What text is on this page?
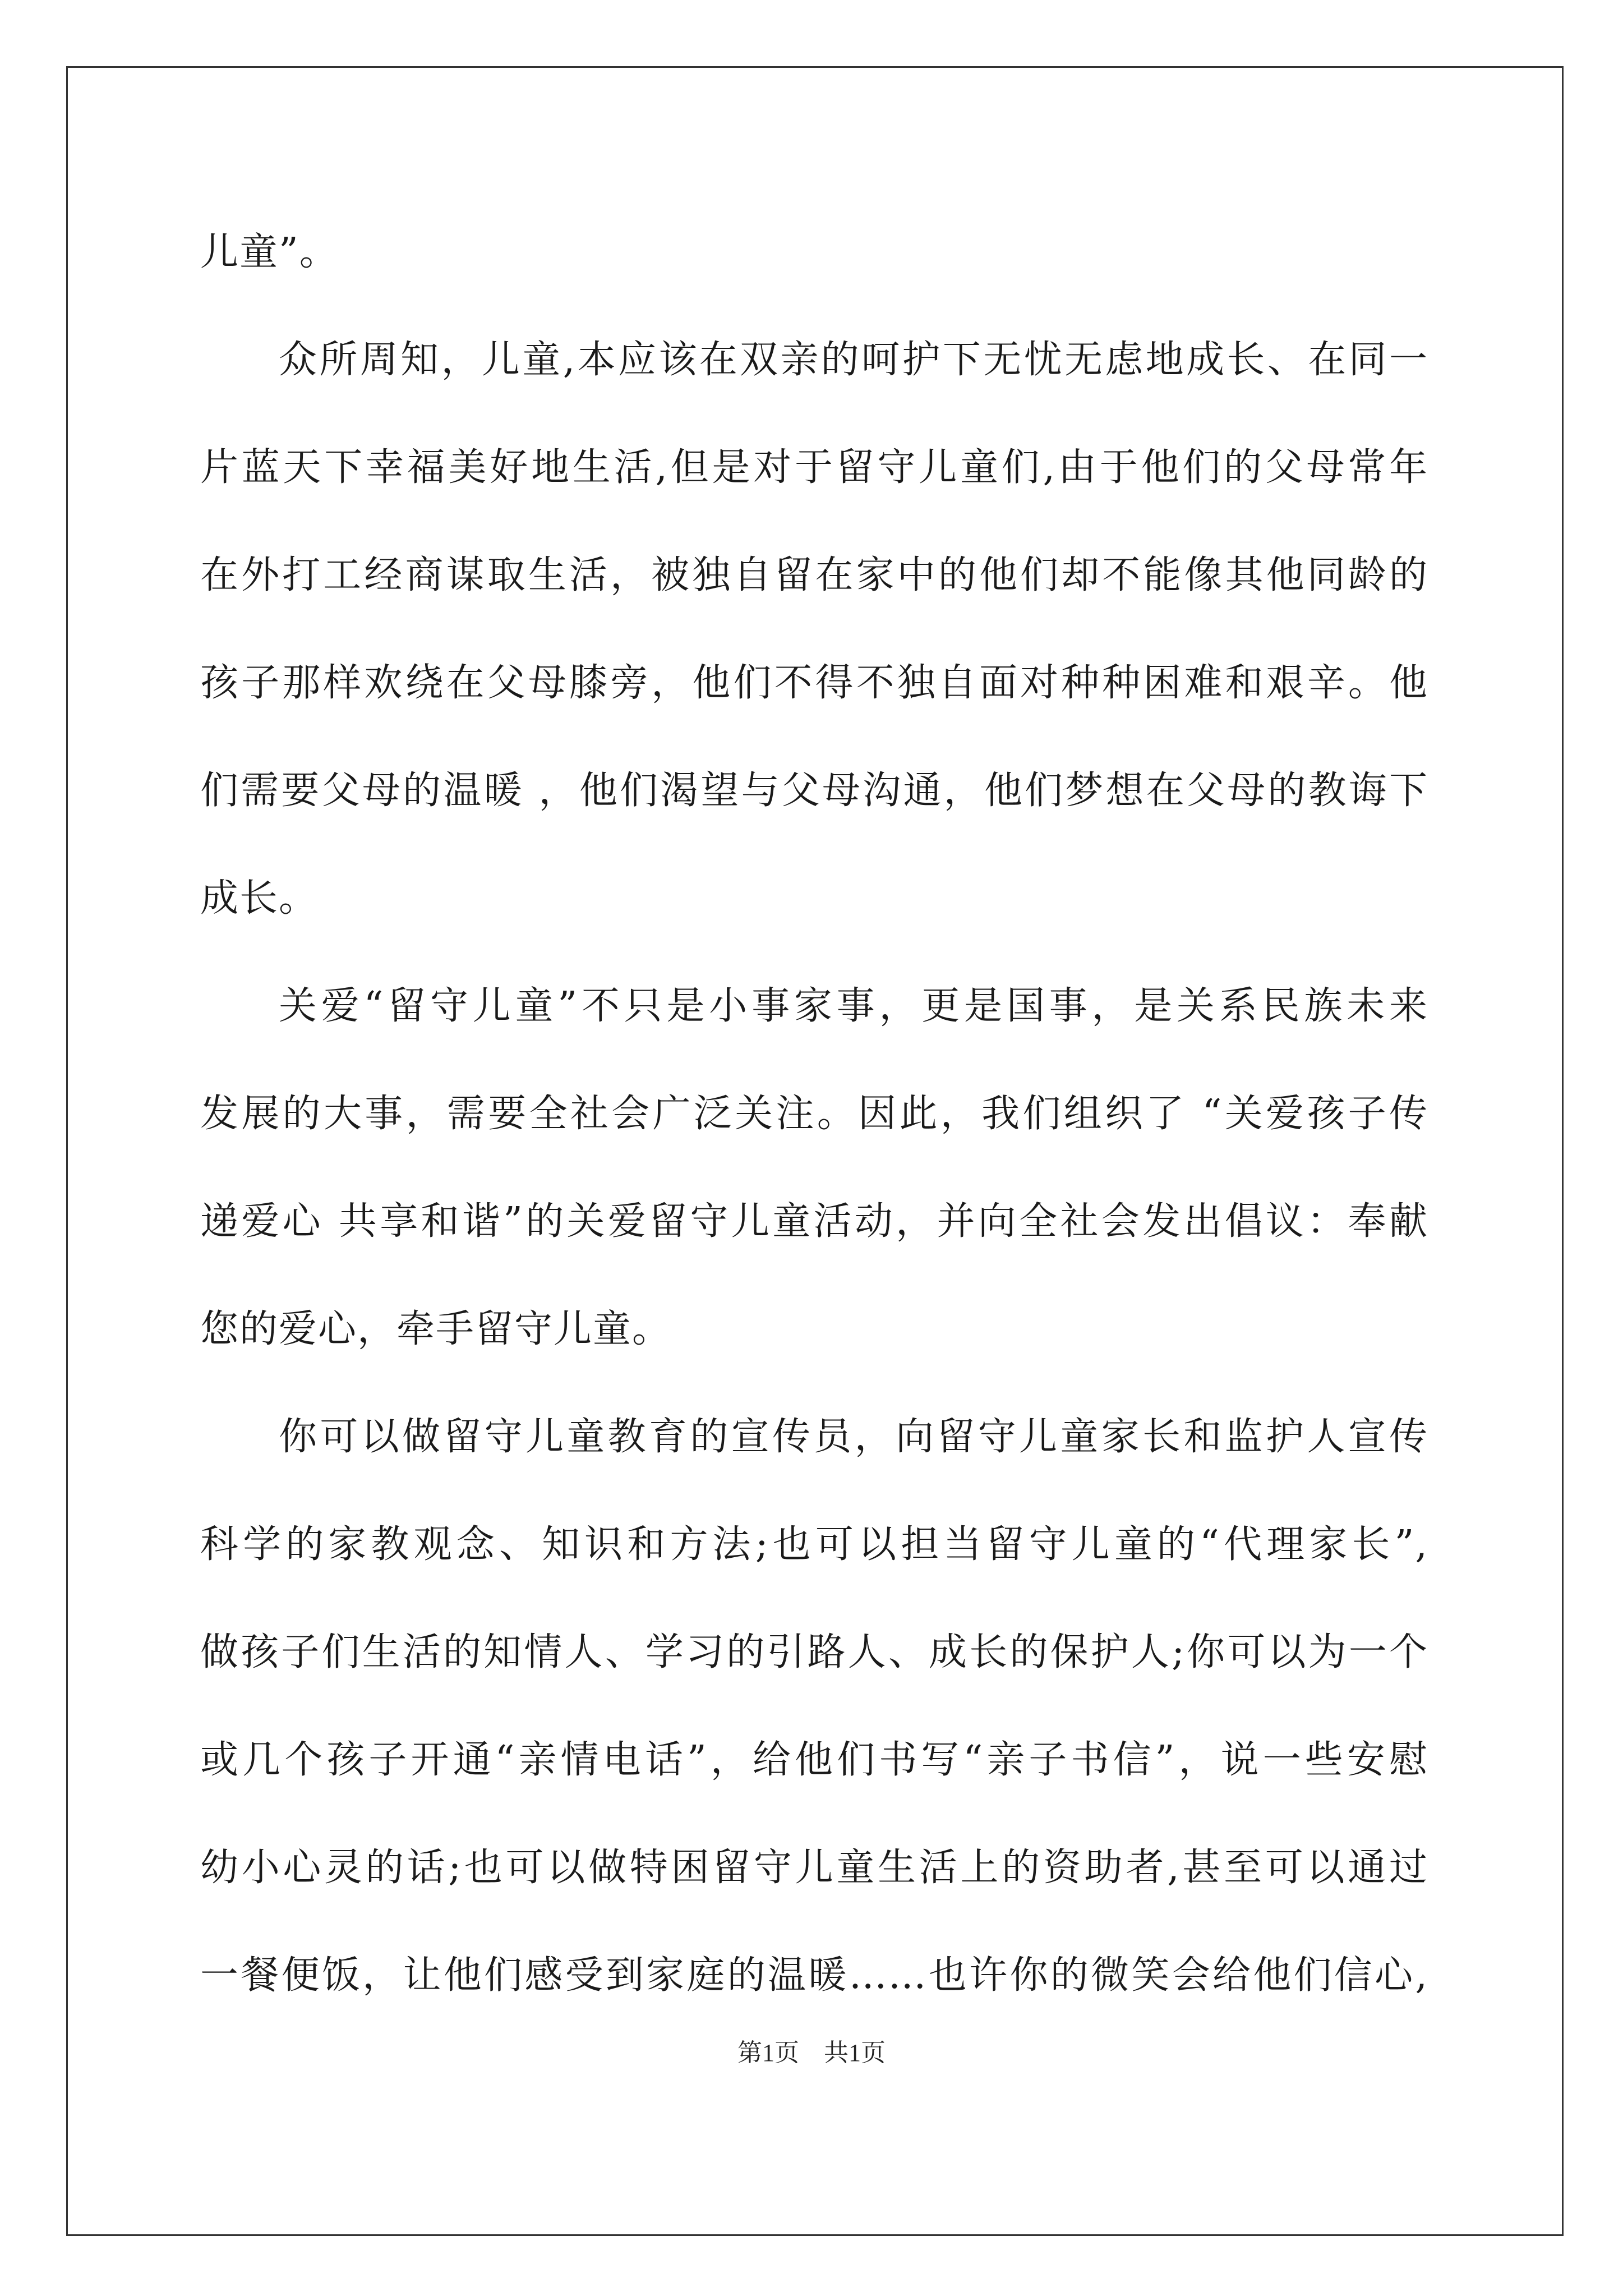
儿童”。
众所周知，儿童,本应该在双亲的呵护下无忧无虑地成长、在同一
片蓝天下幸福美好地生活,但是对于留守儿童们,由于他们的父母常年
在外打工经商谋取生活，被独自留在家中的他们却不能像其他同龄的
孩子那样欢绕在父母膝旁，他们不得不独自面对种种困难和艰辛。他
们需要父母的温暖 ，他们渴望与父母沟通，他们梦想在父母的教诲下
成长。
关爱“留守儿童”不只是小事家事，更是国事，是关系民族未来
发展的大事，需要全社会广泛关注。因此，我们组织了 “关爱孩子传
递爱心 共享和谐”的关爱留守儿童活动，并向全社会发出倡议：奉献
您的爱心，牵手留守儿童。
你可以做留守儿童教育的宣传员，向留守儿童家长和监护人宣传
科学的家教观念、知识和方法;也可以担当留守儿童的“代理家长”,
做孩子们生活的知情人、学习的引路人、成长的保护人;你可以为一个
或几个孩子开通“亲情电话”，给他们书写“亲子书信”，说一些安慰
幼小心灵的话;也可以做特困留守儿童生活上的资助者,甚至可以通过
一餐便饭，让他们感受到家庭的温暖……也许你的微笑会给他们信心,
第1页　共1页
